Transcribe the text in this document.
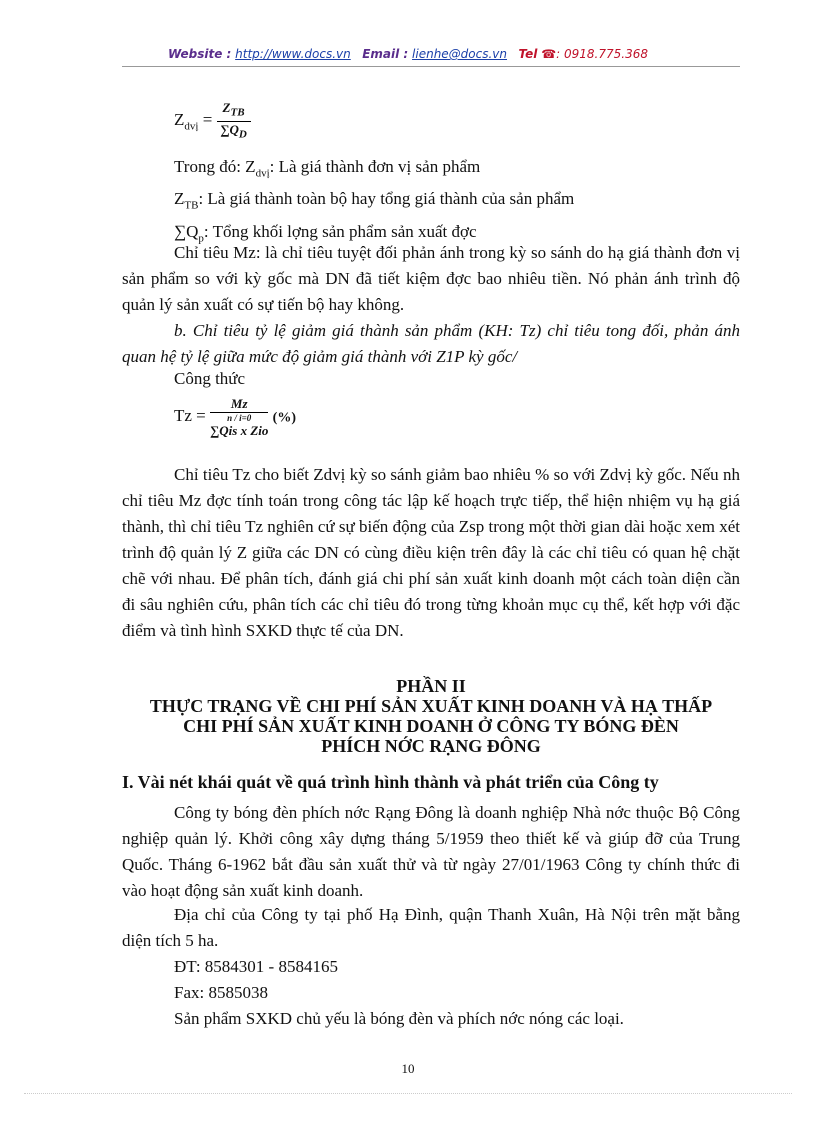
Website : http://www.docs.vn Email : lienhe@docs.vn Tel ☎: 0918.775.368
$Z_{dvị} = \frac{Z_{TB}}{\sum Q_D}$
Trong đó: $Z_{dvị}$: Là giá thành đơn vị sản phẩm
$Z_{TB}$: Là giá thành toàn bộ hay tổng giá thành của sản phẩm
$\sum Q_p$: Tổng khối lợng sản phẩm sản xuất đợc
Chỉ tiêu Mz: là chỉ tiêu tuyệt đối phản ánh trong kỳ so sánh do hạ giá thành đơn vị sản phẩm so với kỳ gốc mà DN đã tiết kiệm đợc bao nhiêu tiền. Nó phản ánh trình độ quản lý sản xuất có sự tiến bộ hay không.
b. Chỉ tiêu tỷ lệ giảm giá thành sản phẩm (KH: Tz) chỉ tiêu tong đối, phản ánh quan hệ tỷ lệ giữa mức độ giảm giá thành với Z1P kỳ gốc/
Công thức
Tz =
Mz
n / i=0
∑Qis x Zio
(%)
Chỉ tiêu Tz cho biết Zdvị kỳ so sánh giảm bao nhiêu % so với Zdvị kỳ gốc. Nếu nh chỉ tiêu Mz đợc tính toán trong công tác lập kế hoạch trực tiếp, thể hiện nhiệm vụ hạ giá thành, thì chỉ tiêu Tz nghiên cứ sự biến động của Zsp trong một thời gian dài hoặc xem xét trình độ quản lý Z giữa các DN có cùng điều kiện trên đây là các chỉ tiêu có quan hệ chặt chẽ với nhau. Để phân tích, đánh giá chi phí sản xuất kinh doanh một cách toàn diện cần đi sâu nghiên cứu, phân tích các chỉ tiêu đó trong từng khoản mục cụ thể, kết hợp với đặc điểm và tình hình SXKD thực tế của DN.
PHẦN II
THỰC TRẠNG VỀ CHI PHÍ SẢN XUẤT KINH DOANH VÀ HẠ THẤP
CHI PHÍ SẢN XUẤT KINH DOANH Ở CÔNG TY BÓNG ĐÈN
PHÍCH NỚC RẠNG ĐÔNG
I. Vài nét khái quát về quá trình hình thành và phát triển của Công ty
Công ty bóng đèn phích nớc Rạng Đông là doanh nghiệp Nhà nớc thuộc Bộ Công nghiệp quản lý. Khởi công xây dựng tháng 5/1959 theo thiết kế và giúp đỡ của Trung Quốc. Tháng 6-1962 bắt đầu sản xuất thử và từ ngày 27/01/1963 Công ty chính thức đi vào hoạt động sản xuất kinh doanh.
Địa chỉ của Công ty tại phố Hạ Đình, quận Thanh Xuân, Hà Nội trên mặt bằng diện tích 5 ha.
ĐT: 8584301 - 8584165
Fax: 8585038
Sản phẩm SXKD chủ yếu là bóng đèn và phích nớc nóng các loại.
10
